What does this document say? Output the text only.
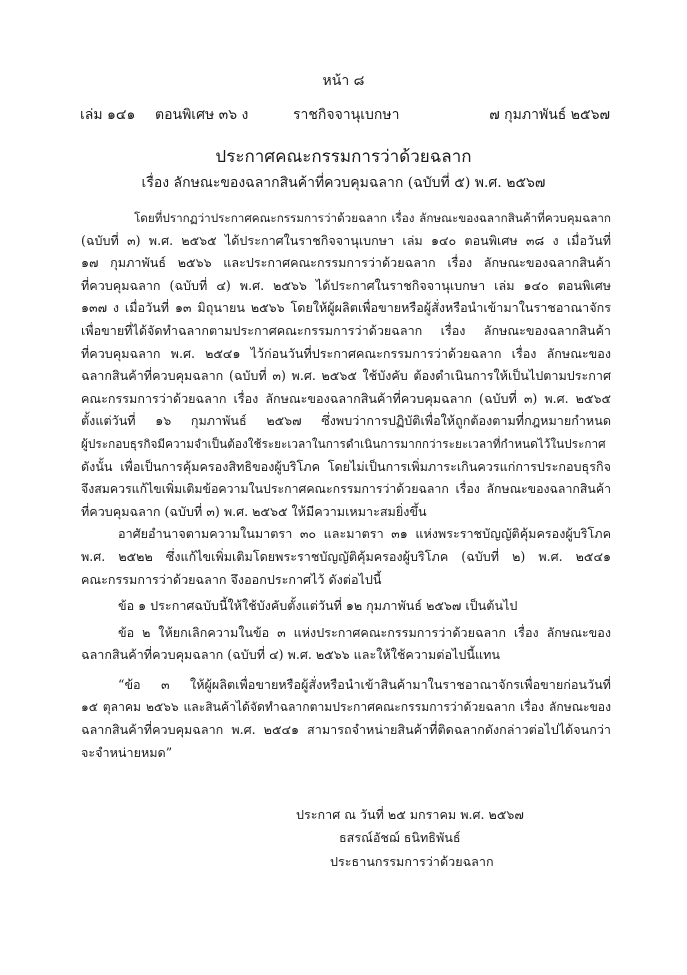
หน้า ๘
เล่ม ๑๔๑ ตอนพิเศษ ๓๖ ง	ราชกิจจานุเบกษา	๗ กุมภาพันธ์ ๒๕๖๗
ประกาศคณะกรรมการว่าด้วยฉลาก
เรื่อง ลักษณะของฉลากสินค้าที่ควบคุมฉลาก (ฉบับที่ ๕) พ.ศ. ๒๕๖๗
โดยที่ปรากฏว่าประกาศคณะกรรมการว่าด้วยฉลาก เรื่อง ลักษณะของฉลากสินค้าที่ควบคุมฉลาก
(ฉบับที่ ๓) พ.ศ. ๒๕๖๕ ได้ประกาศในราชกิจจานุเบกษา เล่ม ๑๔๐ ตอนพิเศษ ๓๘ ง เมื่อวันที่
๑๗ กุมภาพันธ์ ๒๕๖๖ และประกาศคณะกรรมการว่าด้วยฉลาก เรื่อง ลักษณะของฉลากสินค้า
ที่ควบคุมฉลาก (ฉบับที่ ๔) พ.ศ. ๒๕๖๖ ได้ประกาศในราชกิจจานุเบกษา เล่ม ๑๔๐ ตอนพิเศษ
๑๓๗ ง เมื่อวันที่ ๑๓ มิถุนายน ๒๕๖๖ โดยให้ผู้ผลิตเพื่อขายหรือผู้สั่งหรือนำเข้ามาในราชอาณาจักร
เพื่อขายที่ได้จัดทำฉลากตามประกาศคณะกรรมการว่าด้วยฉลาก เรื่อง ลักษณะของฉลากสินค้า
ที่ควบคุมฉลาก พ.ศ. ๒๕๔๑ ไว้ก่อนวันที่ประกาศคณะกรรมการว่าด้วยฉลาก เรื่อง ลักษณะของ
ฉลากสินค้าที่ควบคุมฉลาก (ฉบับที่ ๓) พ.ศ. ๒๕๖๕ ใช้บังคับ ต้องดำเนินการให้เป็นไปตามประกาศ
คณะกรรมการว่าด้วยฉลาก เรื่อง ลักษณะของฉลากสินค้าที่ควบคุมฉลาก (ฉบับที่ ๓) พ.ศ. ๒๕๖๕
ตั้งแต่วันที่ ๑๖ กุมภาพันธ์ ๒๕๖๗ ซึ่งพบว่าการปฏิบัติเพื่อให้ถูกต้องตามที่กฎหมายกำหนด
ผู้ประกอบธุรกิจมีความจำเป็นต้องใช้ระยะเวลาในการดำเนินการมากกว่าระยะเวลาที่กำหนดไว้ในประกาศ
ดังนั้น เพื่อเป็นการคุ้มครองสิทธิของผู้บริโภค โดยไม่เป็นการเพิ่มภาระเกินควรแก่การประกอบธุรกิจ
จึงสมควรแก้ไขเพิ่มเติมข้อความในประกาศคณะกรรมการว่าด้วยฉลาก เรื่อง ลักษณะของฉลากสินค้า
ที่ควบคุมฉลาก (ฉบับที่ ๓) พ.ศ. ๒๕๖๕ ให้มีความเหมาะสมยิ่งขึ้น
อาศัยอำนาจตามความในมาตรา ๓๐ และมาตรา ๓๑ แห่งพระราชบัญญัติคุ้มครองผู้บริโภค
พ.ศ. ๒๕๒๒ ซึ่งแก้ไขเพิ่มเติมโดยพระราชบัญญัติคุ้มครองผู้บริโภค (ฉบับที่ ๒) พ.ศ. ๒๕๔๑
คณะกรรมการว่าด้วยฉลาก จึงออกประกาศไว้ ดังต่อไปนี้
ข้อ ๑ ประกาศฉบับนี้ให้ใช้บังคับตั้งแต่วันที่ ๑๒ กุมภาพันธ์ ๒๕๖๗ เป็นต้นไป
ข้อ ๒ ให้ยกเลิกความในข้อ ๓ แห่งประกาศคณะกรรมการว่าด้วยฉลาก เรื่อง ลักษณะของ
ฉลากสินค้าที่ควบคุมฉลาก (ฉบับที่ ๔) พ.ศ. ๒๕๖๖ และให้ใช้ความต่อไปนี้แทน
“ข้อ ๓ ให้ผู้ผลิตเพื่อขายหรือผู้สั่งหรือนำเข้าสินค้ามาในราชอาณาจักรเพื่อขายก่อนวันที่
๑๕ ตุลาคม ๒๕๖๖ และสินค้าได้จัดทำฉลากตามประกาศคณะกรรมการว่าด้วยฉลาก เรื่อง ลักษณะของ
ฉลากสินค้าที่ควบคุมฉลาก พ.ศ. ๒๕๔๑ สามารถจำหน่ายสินค้าที่ติดฉลากดังกล่าวต่อไปได้จนกว่า
จะจำหน่ายหมด”
ประกาศ ณ วันที่ ๒๕ มกราคม พ.ศ. ๒๕๖๗
ธสรณ์อัชฌ์ ธนิทธิพันธ์
ประธานกรรมการว่าด้วยฉลาก
